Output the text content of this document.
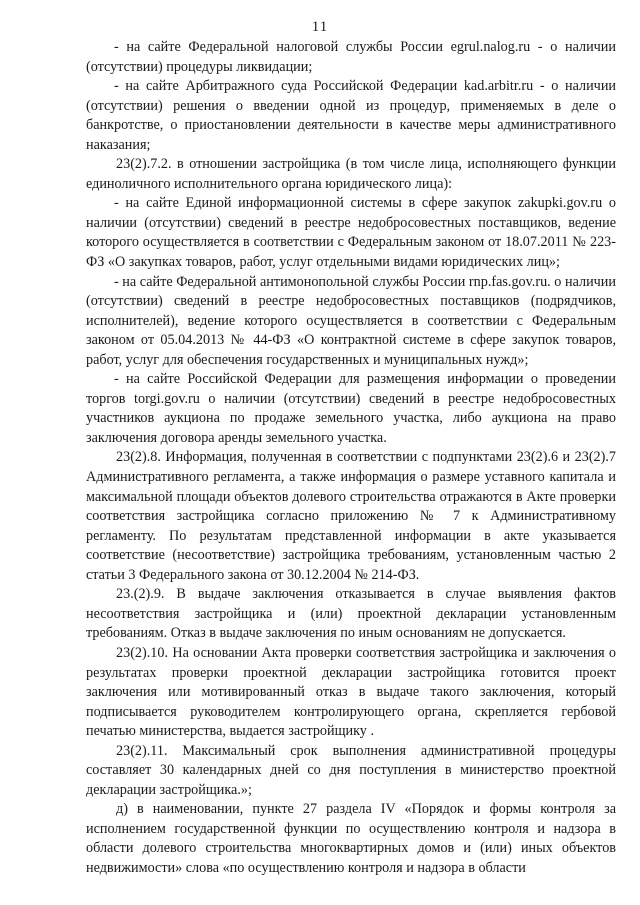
11

- на сайте Федеральной налоговой службы России egrul.nalog.ru - о наличии (отсутствии) процедуры ликвидации;

- на сайте Арбитражного суда Российской Федерации kad.arbitr.ru - о наличии (отсутствии) решения о введении одной из процедур, применяемых в деле о банкротстве, о приостановлении деятельности в качестве меры административного наказания;

23(2).7.2. в отношении застройщика (в том числе лица, исполняющего функции единоличного исполнительного органа юридического лица):

- на сайте Единой информационной системы в сфере закупок zakupki.gov.ru о наличии (отсутствии) сведений в реестре недобросовестных поставщиков, ведение которого осуществляется в соответствии с Федеральным законом от 18.07.2011 № 223-ФЗ «О закупках товаров, работ, услуг отдельными видами юридических лиц»;

- на сайте Федеральной антимонопольной службы России rnp.fas.gov.ru. о наличии (отсутствии) сведений в реестре недобросовестных поставщиков (подрядчиков, исполнителей), ведение которого осуществляется в соответствии с Федеральным законом от 05.04.2013 № 44-ФЗ «О контрактной системе в сфере закупок товаров, работ, услуг для обеспечения государственных и муниципальных нужд»;

- на сайте Российской Федерации для размещения информации о проведении торгов torgi.gov.ru о наличии (отсутствии) сведений в реестре недобросовестных участников аукциона по продаже земельного участка, либо аукциона на право заключения договора аренды земельного участка.

23(2).8. Информация, полученная в соответствии с подпунктами 23(2).6 и 23(2).7 Административного регламента, а также информация о размере уставного капитала и максимальной площади объектов долевого строительства отражаются в Акте проверки соответствия застройщика согласно приложению № 7 к Административному регламенту. По результатам представленной информации в акте указывается соответствие (несоответствие) застройщика требованиям, установленным частью 2 статьи 3 Федерального закона от 30.12.2004 № 214-ФЗ.

23.(2).9. В выдаче заключения отказывается в случае выявления фактов несоответствия застройщика и (или) проектной декларации установленным требованиям. Отказ в выдаче заключения по иным основаниям не допускается.

23(2).10. На основании Акта проверки соответствия застройщика и заключения о результатах проверки проектной декларации застройщика готовится проект заключения или мотивированный отказ в выдаче такого заключения, который подписывается руководителем контролирующего органа, скрепляется гербовой печатью министерства, выдается застройщику .

23(2).11. Максимальный срок выполнения административной процедуры составляет 30 календарных дней со дня поступления в министерство проектной декларации застройщика.»;

д) в наименовании, пункте 27 раздела IV «Порядок и формы контроля за исполнением государственной функции по осуществлению контроля и надзора в области долевого строительства многоквартирных домов и (или) иных объектов недвижимости» слова «по осуществлению контроля и надзора в области
